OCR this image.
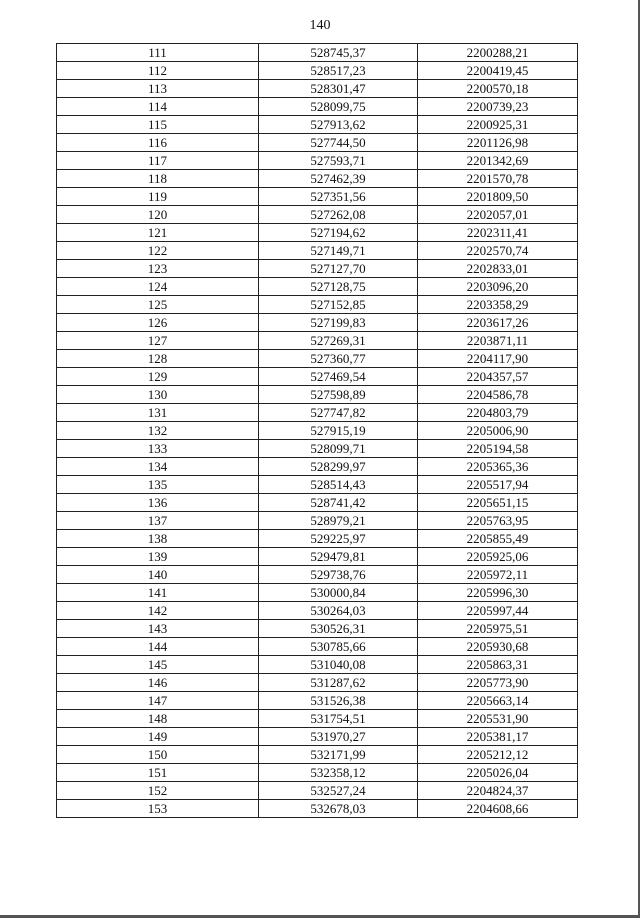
140
111	528745,37	2200288,21
112	528517,23	2200419,45
113	528301,47	2200570,18
114	528099,75	2200739,23
115	527913,62	2200925,31
116	527744,50	2201126,98
117	527593,71	2201342,69
118	527462,39	2201570,78
119	527351,56	2201809,50
120	527262,08	2202057,01
121	527194,62	2202311,41
122	527149,71	2202570,74
123	527127,70	2202833,01
124	527128,75	2203096,20
125	527152,85	2203358,29
126	527199,83	2203617,26
127	527269,31	2203871,11
128	527360,77	2204117,90
129	527469,54	2204357,57
130	527598,89	2204586,78
131	527747,82	2204803,79
132	527915,19	2205006,90
133	528099,71	2205194,58
134	528299,97	2205365,36
135	528514,43	2205517,94
136	528741,42	2205651,15
137	528979,21	2205763,95
138	529225,97	2205855,49
139	529479,81	2205925,06
140	529738,76	2205972,11
141	530000,84	2205996,30
142	530264,03	2205997,44
143	530526,31	2205975,51
144	530785,66	2205930,68
145	531040,08	2205863,31
146	531287,62	2205773,90
147	531526,38	2205663,14
148	531754,51	2205531,90
149	531970,27	2205381,17
150	532171,99	2205212,12
151	532358,12	2205026,04
152	532527,24	2204824,37
153	532678,03	2204608,66
